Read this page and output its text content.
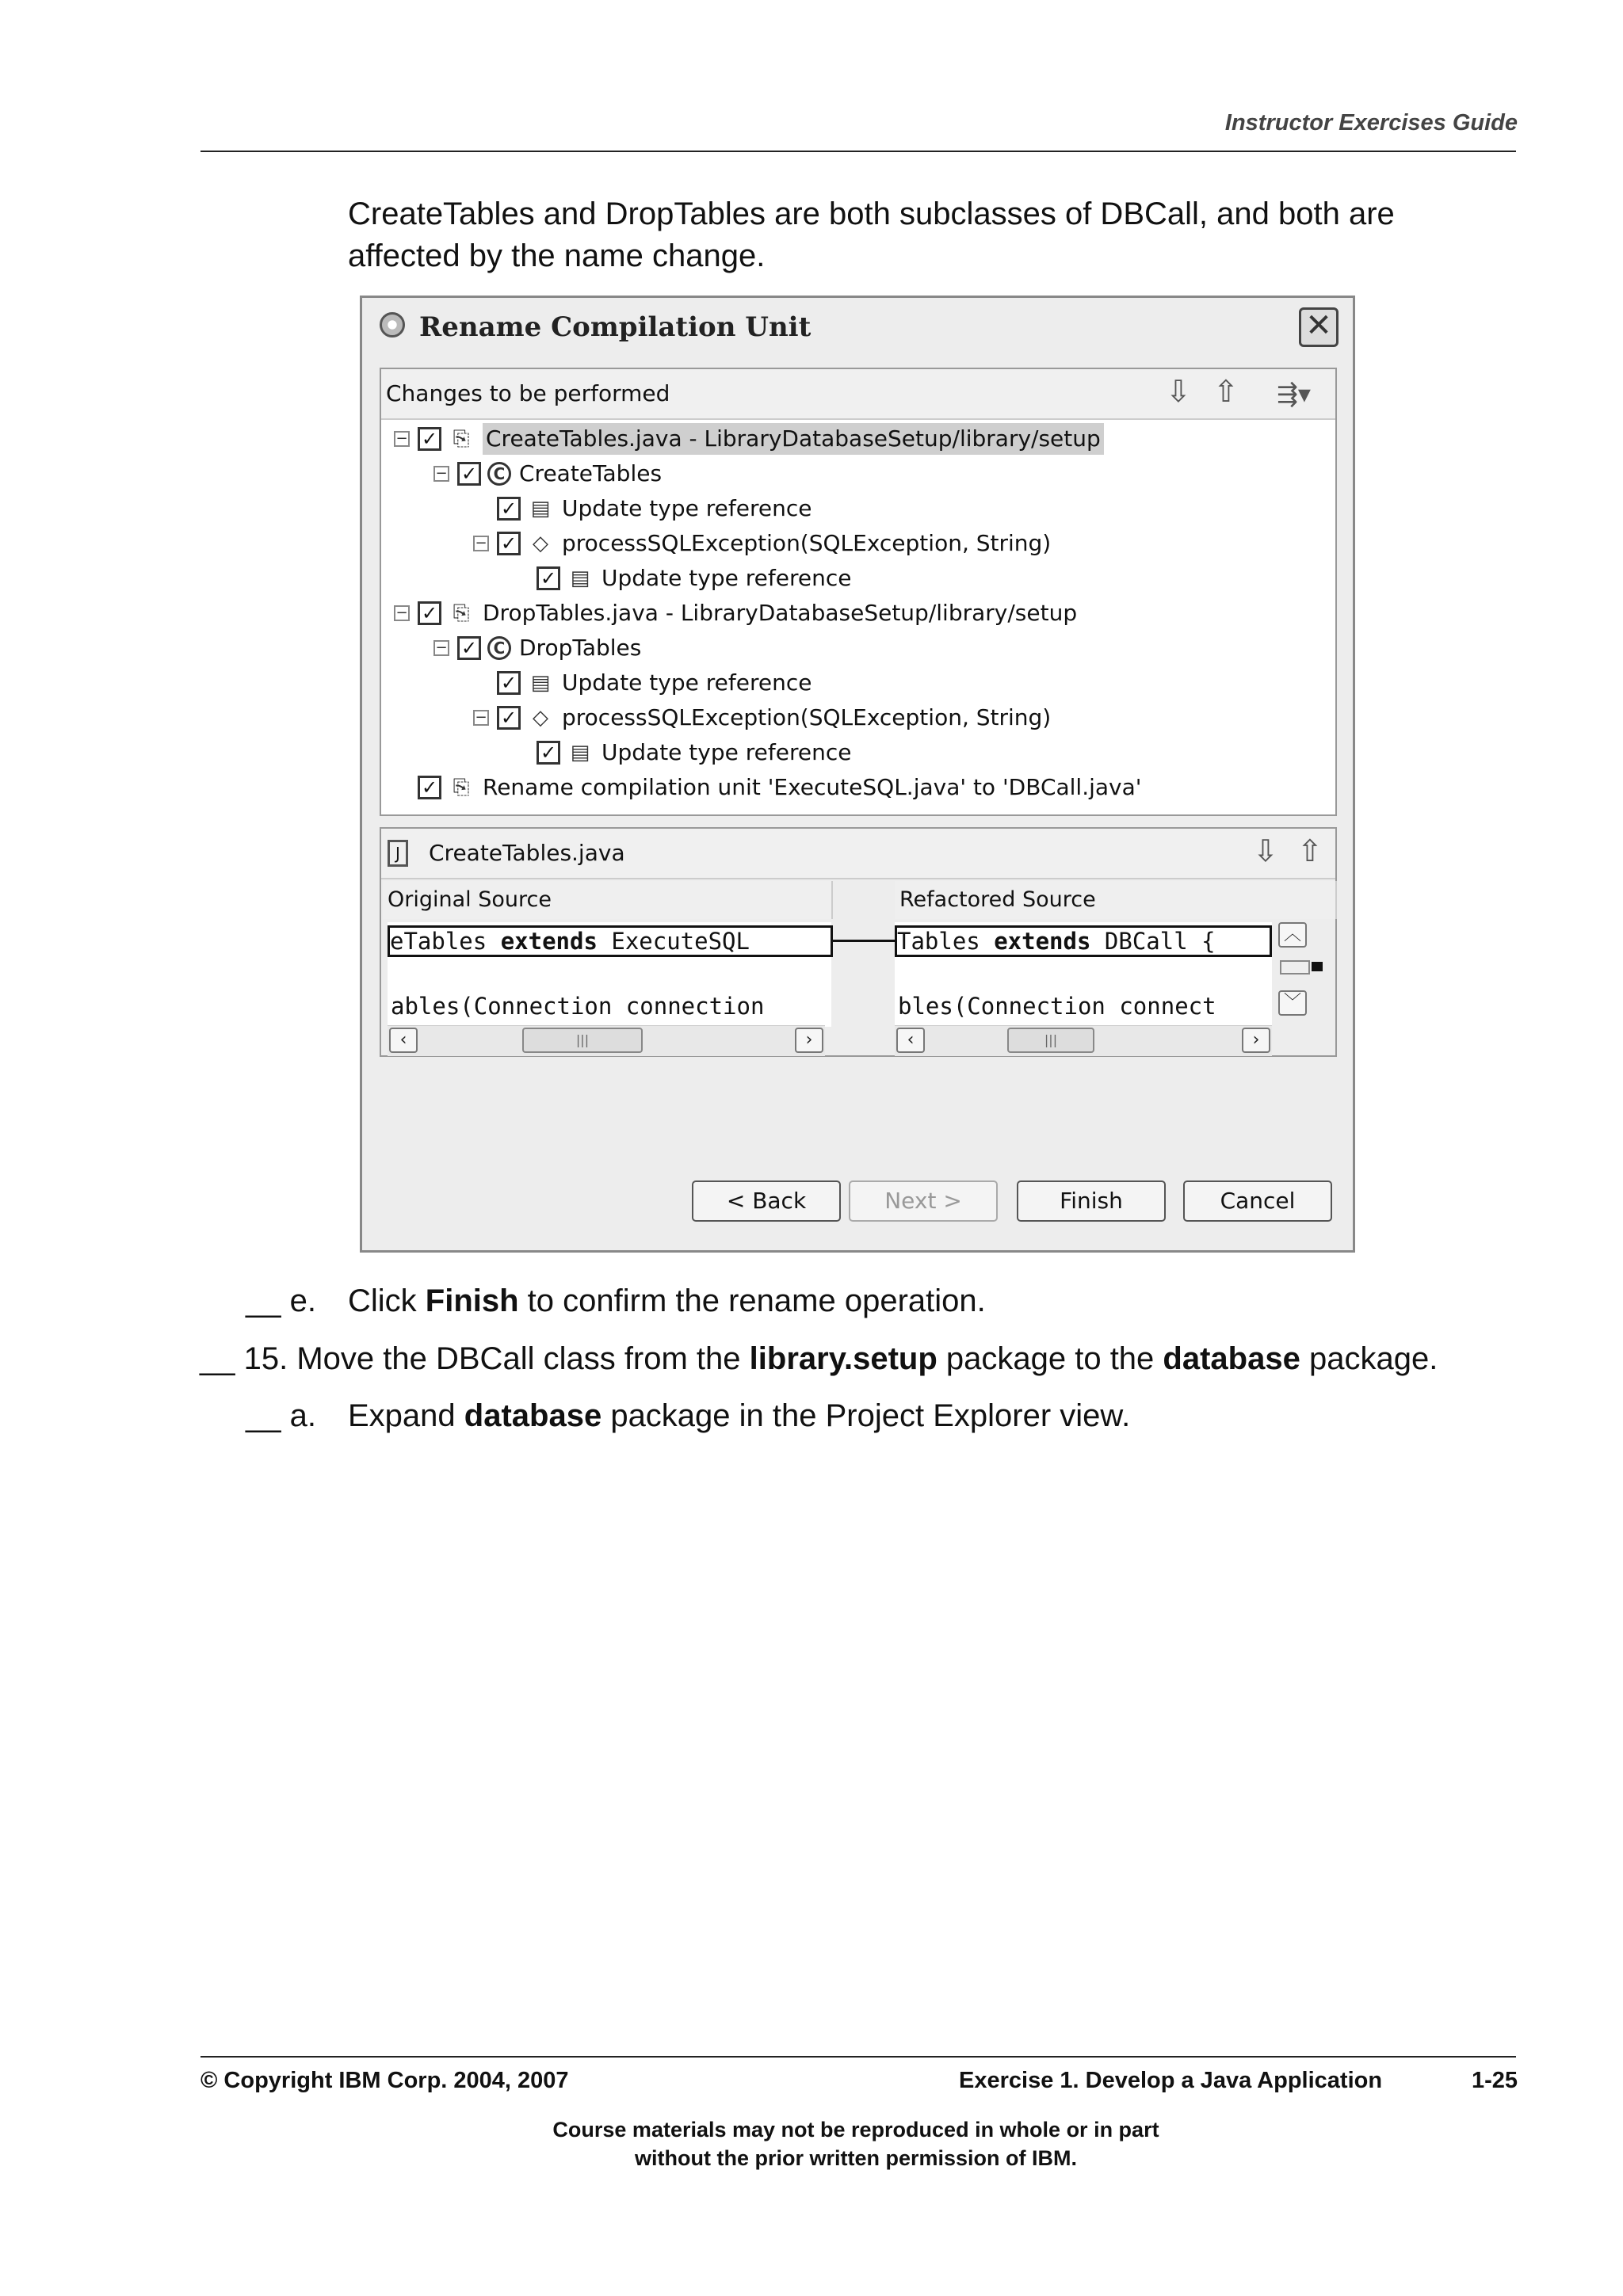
Instructor Exercises Guide
CreateTables and DropTables are both subclasses of DBCall, and both are affected by the name change.
Rename Compilation Unit	✕
Changes to be performed	⇩ ⇧ ⇶▾
− ✓ ⎘ CreateTables.java - LibraryDatabaseSetup/library/setup
− ✓	C CreateTables
✓ ▤ Update type reference
− ✓ ◇ processSQLException(SQLException, String)
✓ ▤ Update type reference
− ✓ ⎘ DropTables.java - LibraryDatabaseSetup/library/setup
− ✓	C DropTables
✓ ▤ Update type reference
− ✓ ◇ processSQLException(SQLException, String)
✓ ▤ Update type reference
✓ ⎘ Rename compilation unit 'ExecuteSQL.java' to 'DBCall.java'
J	CreateTables.java	⇩ ⇧
Original Source	Refactored Source
eTables extends ExecuteSQL
ables(Connection connection
Tables extends DBCall {
bles(Connection connect
︿
﹀
‹	|||	›	‹	|||	›
< Back	Next >	Finish	Cancel
__ e. Click Finish to confirm the rename operation.
__ 15. Move the DBCall class from the library.setup package to the database package.
__ a. Expand database package in the Project Explorer view.
© Copyright IBM Corp. 2004, 2007	Exercise 1. Develop a Java Application	1-25
Course materials may not be reproduced in whole or in part
without the prior written permission of IBM.
